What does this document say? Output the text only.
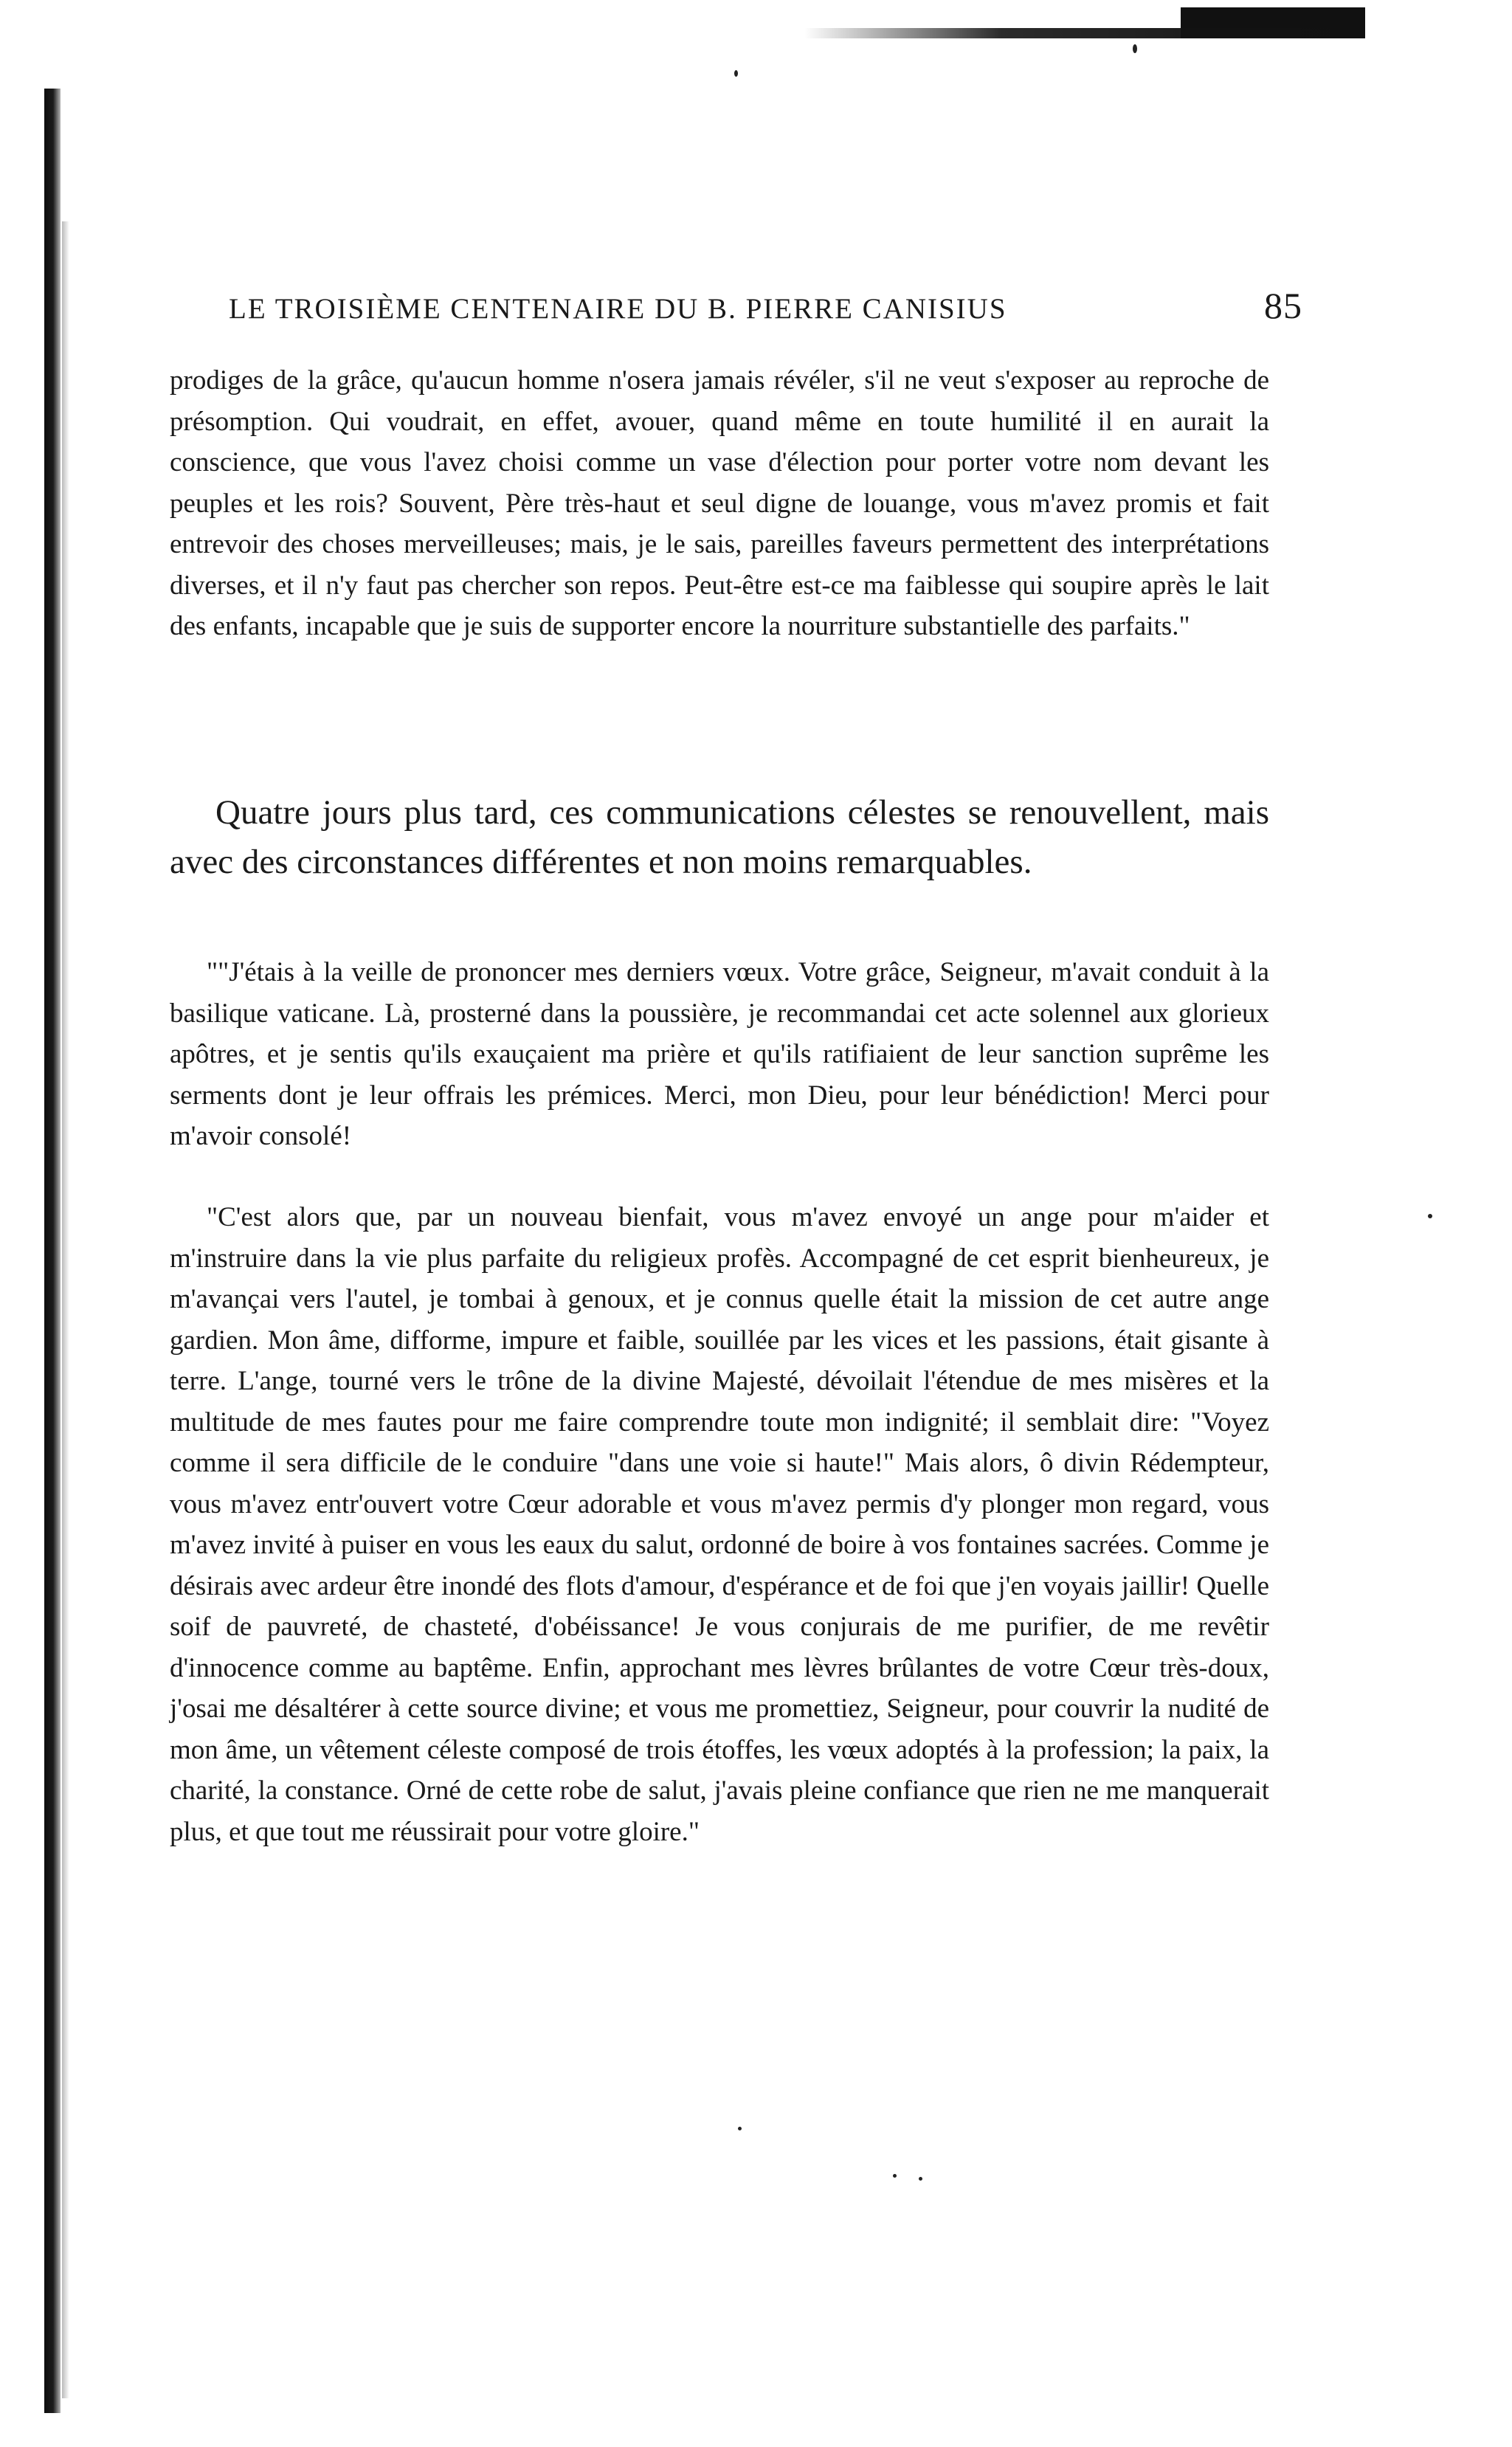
LE TROISIÈME CENTENAIRE DU B. PIERRE CANISIUS	85

prodiges de la grâce, qu'aucun homme n'osera jamais révéler, s'il ne veut s'exposer au reproche de présomption. Qui voudrait, en effet, avouer, quand même en toute humilité il en aurait la conscience, que vous l'avez choisi comme un vase d'élection pour porter votre nom devant les peuples et les rois? Souvent, Père très-haut et seul digne de louange, vous m'avez promis et fait entrevoir des choses merveilleuses; mais, je le sais, pareilles faveurs permettent des interprétations diverses, et il n'y faut pas chercher son repos. Peut-être est-ce ma faiblesse qui soupire après le lait des enfants, incapable que je suis de supporter encore la nourriture substantielle des parfaits."

Quatre jours plus tard, ces communications célestes se renouvellent, mais avec des circonstances différentes et non moins remarquables.

""J'étais à la veille de prononcer mes derniers vœux. Votre grâce, Seigneur, m'avait conduit à la basilique vaticane. Là, prosterné dans la poussière, je recommandai cet acte solennel aux glorieux apôtres, et je sentis qu'ils exauçaient ma prière et qu'ils ratifiaient de leur sanction suprême les serments dont je leur offrais les prémices. Merci, mon Dieu, pour leur bénédiction! Merci pour m'avoir consolé!

"C'est alors que, par un nouveau bienfait, vous m'avez envoyé un ange pour m'aider et m'instruire dans la vie plus parfaite du religieux profès. Accompagné de cet esprit bienheureux, je m'avançai vers l'autel, je tombai à genoux, et je connus quelle était la mission de cet autre ange gardien. Mon âme, difforme, impure et faible, souillée par les vices et les passions, était gisante à terre. L'ange, tourné vers le trône de la divine Majesté, dévoilait l'étendue de mes misères et la multitude de mes fautes pour me faire comprendre toute mon indignité; il semblait dire: "Voyez comme il sera difficile de le conduire "dans une voie si haute!" Mais alors, ô divin Rédempteur, vous m'avez entr'ouvert votre Cœur adorable et vous m'avez permis d'y plonger mon regard, vous m'avez invité à puiser en vous les eaux du salut, ordonné de boire à vos fontaines sacrées. Comme je désirais avec ardeur être inondé des flots d'amour, d'espérance et de foi que j'en voyais jaillir! Quelle soif de pauvreté, de chasteté, d'obéissance! Je vous conjurais de me purifier, de me revêtir d'innocence comme au baptême. Enfin, approchant mes lèvres brûlantes de votre Cœur très-doux, j'osai me désaltérer à cette source divine; et vous me promettiez, Seigneur, pour couvrir la nudité de mon âme, un vêtement céleste composé de trois étoffes, les vœux adoptés à la profession; la paix, la charité, la constance. Orné de cette robe de salut, j'avais pleine confiance que rien ne me manquerait plus, et que tout me réussirait pour votre gloire."
